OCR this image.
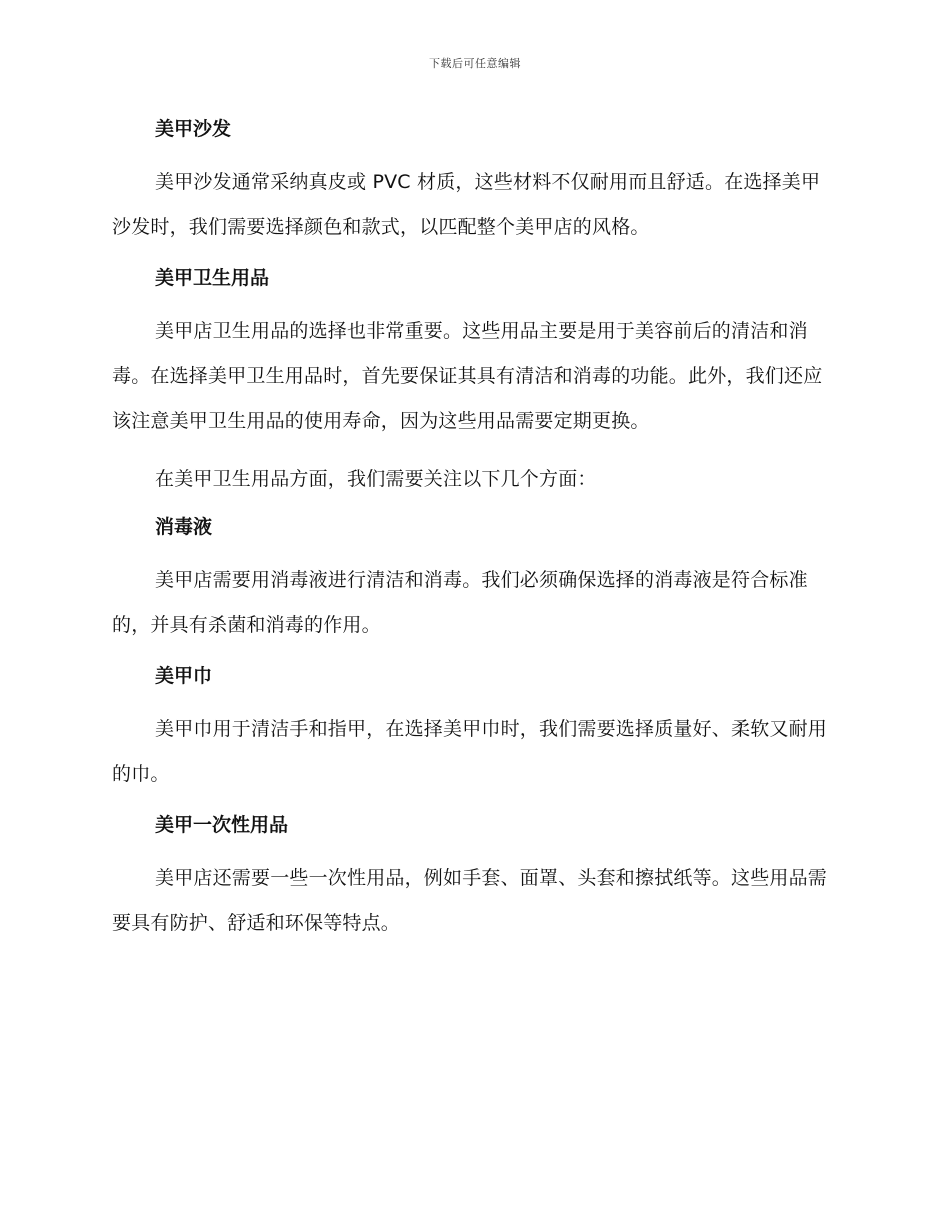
下载后可任意编辑
美甲沙发

美甲沙发通常采纳真皮或 PVC 材质，这些材料不仅耐用而且舒适。在选择美甲沙发时，我们需要选择颜色和款式，以匹配整个美甲店的风格。

美甲卫生用品

美甲店卫生用品的选择也非常重要。这些用品主要是用于美容前后的清洁和消毒。在选择美甲卫生用品时，首先要保证其具有清洁和消毒的功能。此外，我们还应该注意美甲卫生用品的使用寿命，因为这些用品需要定期更换。

在美甲卫生用品方面，我们需要关注以下几个方面：

消毒液

美甲店需要用消毒液进行清洁和消毒。我们必须确保选择的消毒液是符合标准的，并具有杀菌和消毒的作用。

美甲巾

美甲巾用于清洁手和指甲，在选择美甲巾时，我们需要选择质量好、柔软又耐用的巾。

美甲一次性用品

美甲店还需要一些一次性用品，例如手套、面罩、头套和擦拭纸等。这些用品需要具有防护、舒适和环保等特点。
